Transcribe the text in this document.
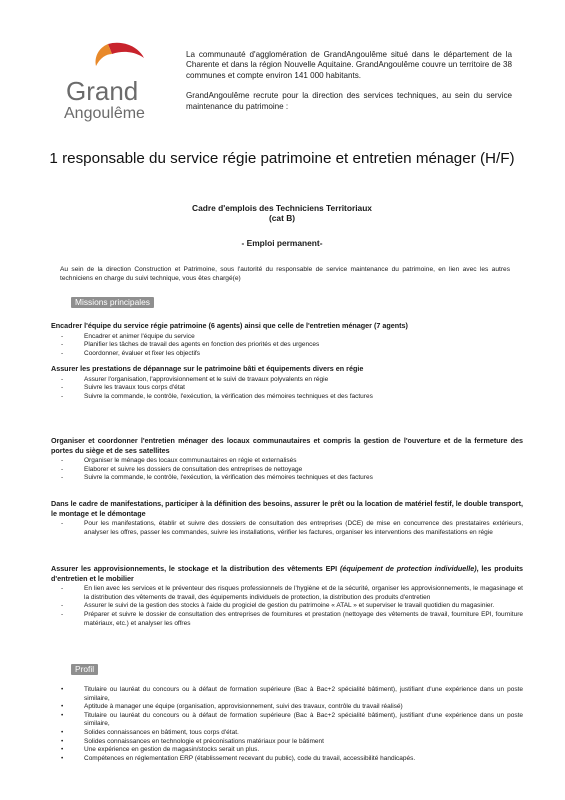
Grand
Angoulême

La communauté d'agglomération de GrandAngoulême situé dans le département de la Charente et dans la région Nouvelle Aquitaine. GrandAngoulême couvre un territoire de 38 communes et compte environ 141 000 habitants.

GrandAngoulême recrute pour la direction des services techniques, au sein du service maintenance du patrimoine :

1 responsable du service régie patrimoine et entretien ménager (H/F)
Cadre d'emplois des Techniciens Territoriaux
(cat B)
- Emploi permanent-
Au sein de la direction Construction et Patrimoine, sous l'autorité du responsable de service maintenance du patrimoine, en lien avec les autres techniciens en charge du suivi technique, vous êtes chargé(e)
Missions principales
Encadrer l'équipe du service régie patrimoine (6 agents) ainsi que celle de l'entretien ménager (7 agents)
- Encadrer et animer l'équipe du service
- Planifier les tâches de travail des agents en fonction des priorités et des urgences
- Coordonner, évaluer et fixer les objectifs
Assurer les prestations de dépannage sur le patrimoine bâti et équipements divers en régie
- Assurer l'organisation, l'approvisionnement et le suivi de travaux polyvalents en régie
- Suivre les travaux tous corps d'état
- Suivre la commande, le contrôle, l'exécution, la vérification des mémoires techniques et des factures
Organiser et coordonner l'entretien ménager des locaux communautaires et compris la gestion de l'ouverture et de la fermeture des portes du siège et de ses satellites
- Organiser le ménage des locaux communautaires en régie et externalisés
- Elaborer et suivre les dossiers de consultation des entreprises de nettoyage
- Suivre la commande, le contrôle, l'exécution, la vérification des mémoires techniques et des factures
Dans le cadre de manifestations, participer à la définition des besoins, assurer le prêt ou la location de matériel festif, le double transport, le montage et le démontage
- Pour les manifestations, établir et suivre des dossiers de consultation des entreprises (DCE) de mise en concurrence des prestataires extérieurs, analyser les offres, passer les commandes, suivre les installations, vérifier les factures, organiser les interventions des manifestations en régie
Assurer les approvisionnements, le stockage et la distribution des vêtements EPI (équipement de protection individuelle), les produits d'entretien et le mobilier
- En lien avec les services et le préventeur des risques professionnels de l'hygiène et de la sécurité, organiser les approvisionnements, le magasinage et la distribution des vêtements de travail, des équipements individuels de protection, la distribution des produits d'entretien
- Assurer le suivi de la gestion des stocks à l'aide du progiciel de gestion du patrimoine « ATAL » et superviser le travail quotidien du magasinier.
- Préparer et suivre le dossier de consultation des entreprises de fournitures et prestation (nettoyage des vêtements de travail, fourniture EPI, fourniture matériaux, etc.) et analyser les offres
Profil
• Titulaire ou lauréat du concours ou à défaut de formation supérieure (Bac à Bac+2 spécialité bâtiment), justifiant d'une expérience dans un poste similaire,
• Aptitude à manager une équipe (organisation, approvisionnement, suivi des travaux, contrôle du travail réalisé)
• Titulaire ou lauréat du concours ou à défaut de formation supérieure (Bac à Bac+2 spécialité bâtiment), justifiant d'une expérience dans un poste similaire,
• Solides connaissances en bâtiment, tous corps d'état.
• Solides connaissances en technologie et préconisations matériaux pour le bâtiment
• Une expérience en gestion de magasin/stocks serait un plus.
• Compétences en réglementation ERP (établissement recevant du public), code du travail, accessibilité handicapés.
